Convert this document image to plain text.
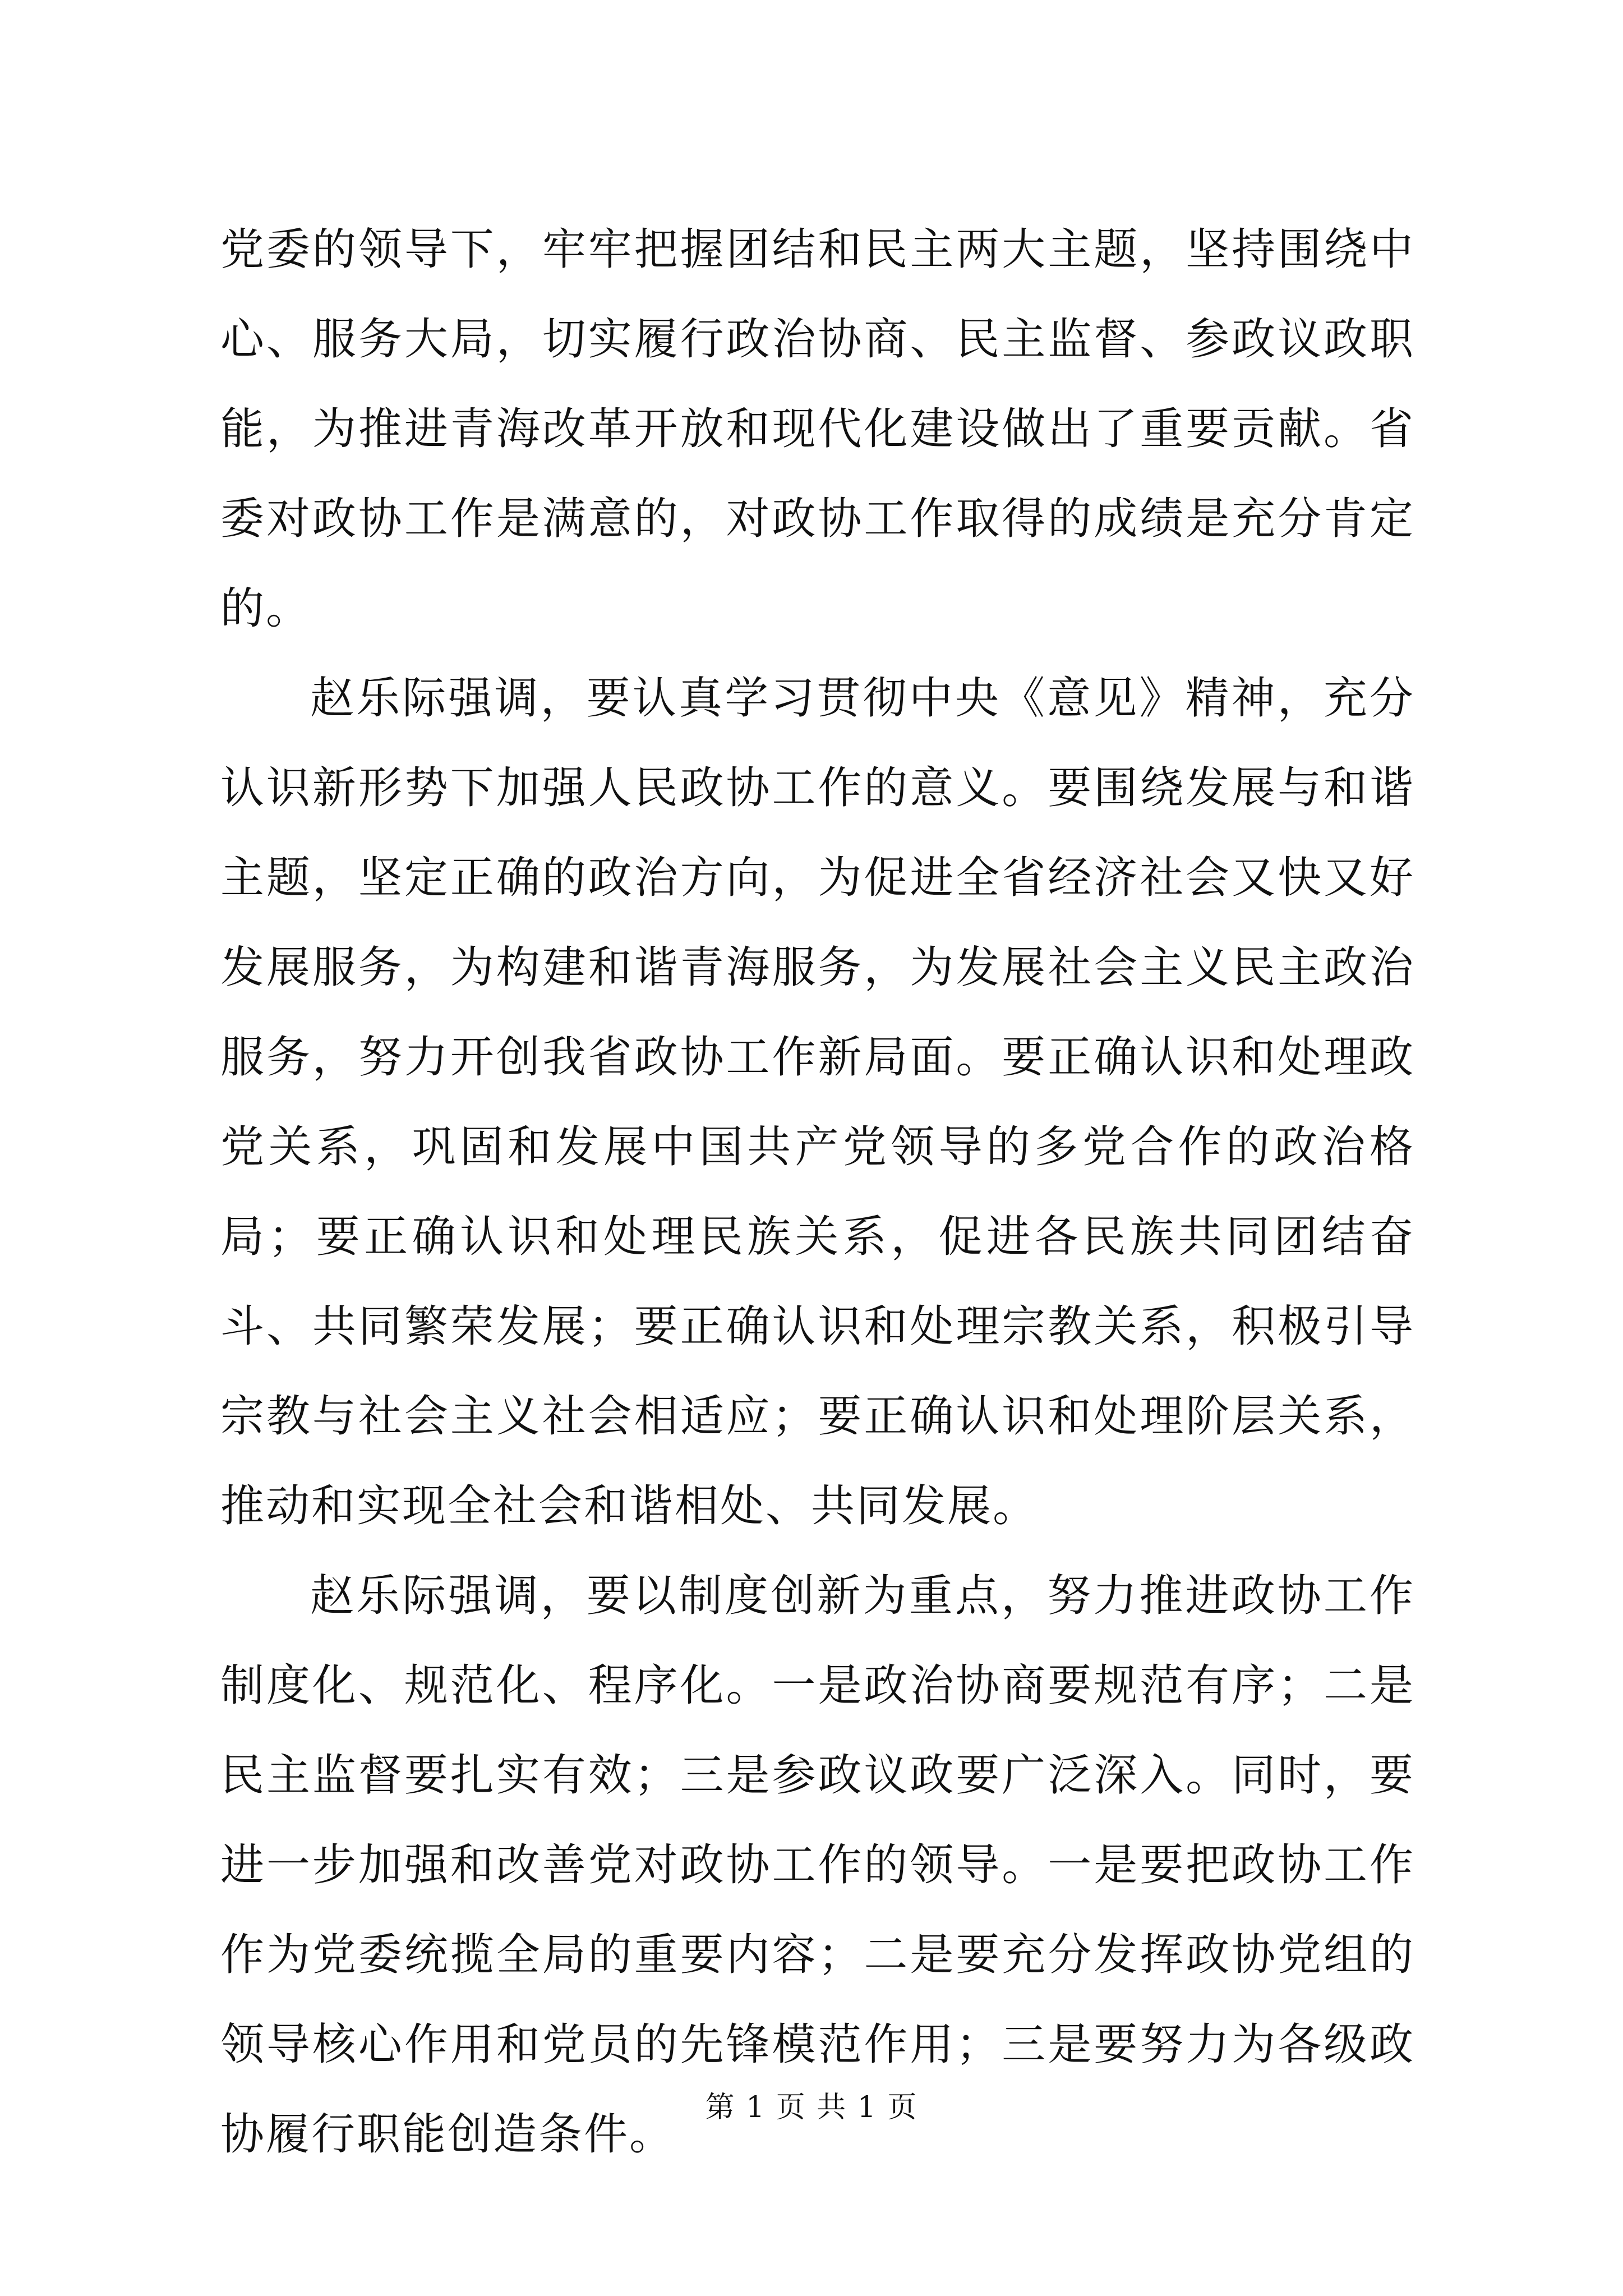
党委的领导下，牢牢把握团结和民主两大主题，坚持围绕中心、服务大局，切实履行政治协商、民主监督、参政议政职能，为推进青海改革开放和现代化建设做出了重要贡献。省委对政协工作是满意的，对政协工作取得的成绩是充分肯定的。

赵乐际强调，要认真学习贯彻中央《意见》精神，充分认识新形势下加强人民政协工作的意义。要围绕发展与和谐主题，坚定正确的政治方向，为促进全省经济社会又快又好发展服务，为构建和谐青海服务，为发展社会主义民主政治服务，努力开创我省政协工作新局面。要正确认识和处理政党关系，巩固和发展中国共产党领导的多党合作的政治格局；要正确认识和处理民族关系，促进各民族共同团结奋斗、共同繁荣发展；要正确认识和处理宗教关系，积极引导宗教与社会主义社会相适应；要正确认识和处理阶层关系，推动和实现全社会和谐相处、共同发展。

赵乐际强调，要以制度创新为重点，努力推进政协工作制度化、规范化、程序化。一是政治协商要规范有序；二是民主监督要扎实有效；三是参政议政要广泛深入。同时，要进一步加强和改善党对政协工作的领导。一是要把政协工作作为党委统揽全局的重要内容；二是要充分发挥政协党组的领导核心作用和党员的先锋模范作用；三是要努力为各级政协履行职能创造条件。

第 1 页 共 1 页
